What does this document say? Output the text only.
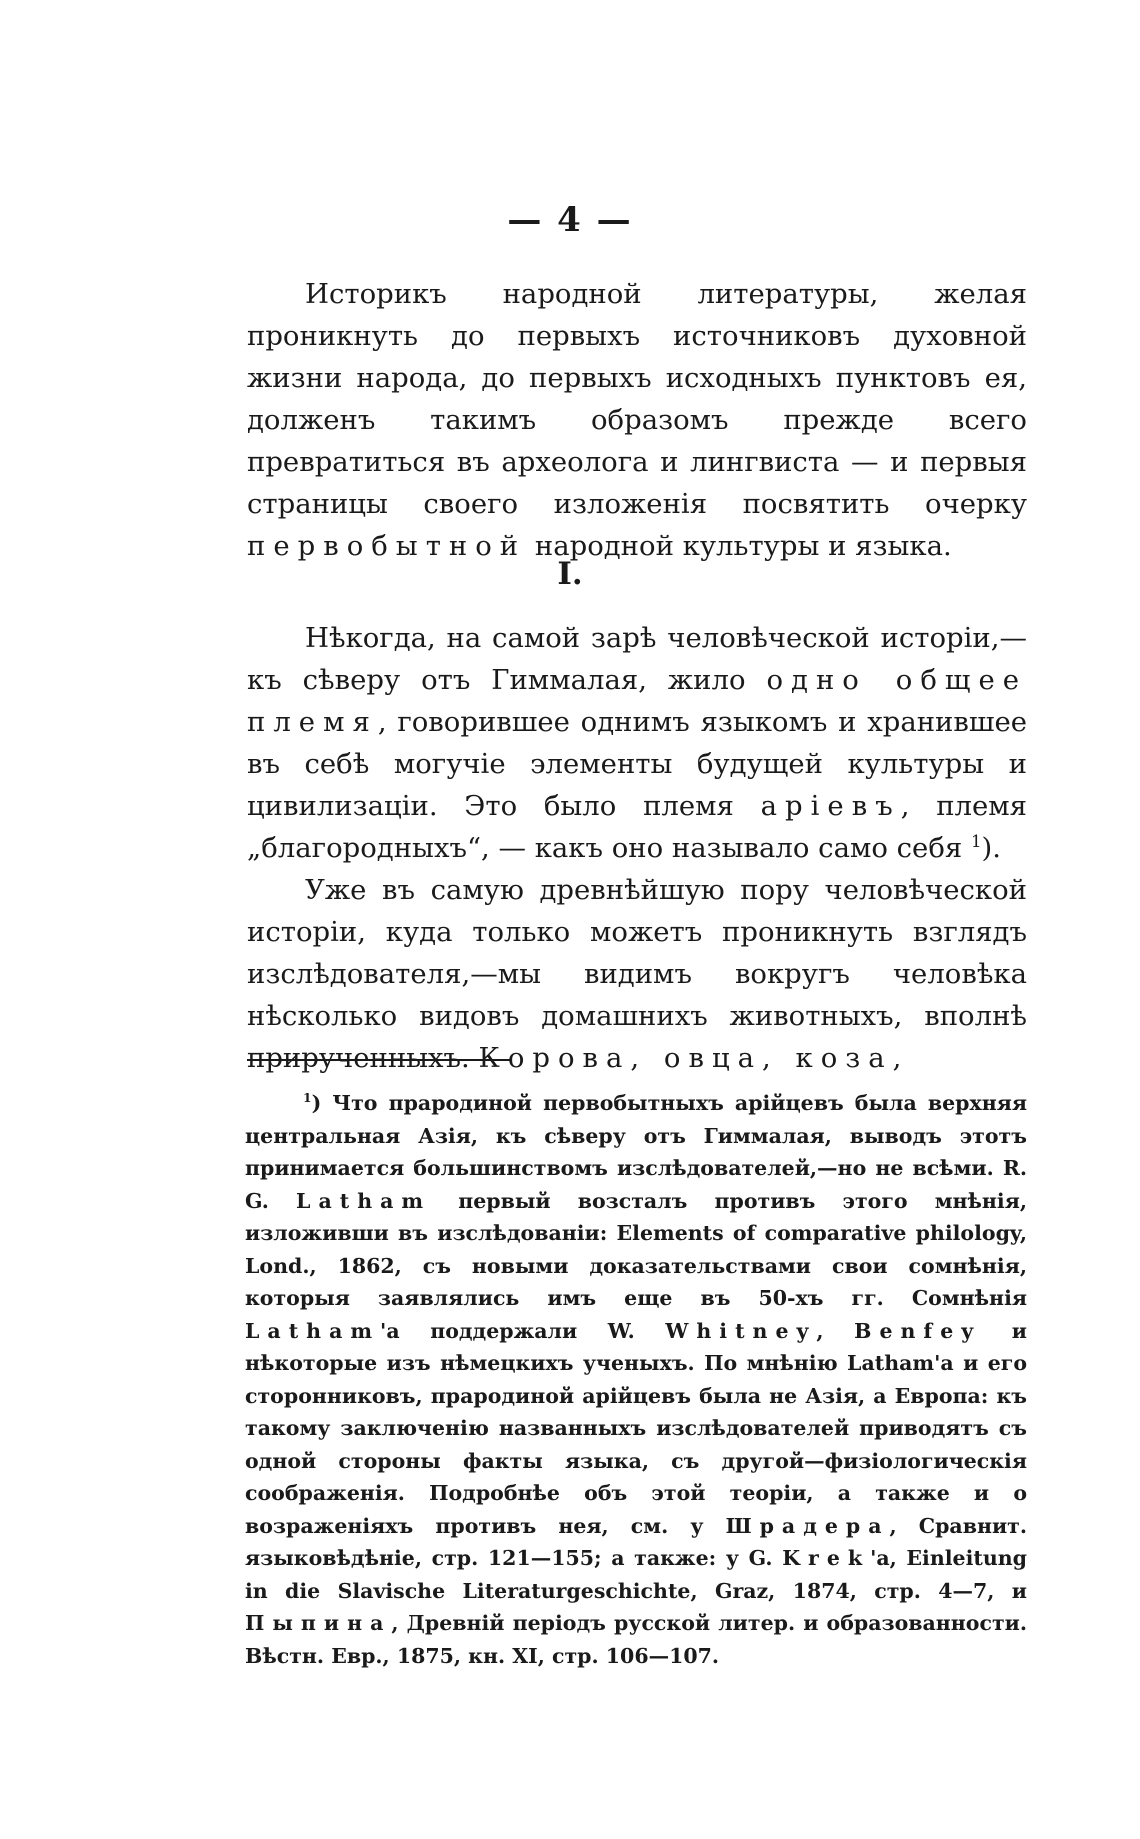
— 4 —

Историкъ народной литературы, желая проникнуть до первыхъ источниковъ духовной жизни народа, до первыхъ исходныхъ пунктовъ ея, долженъ такимъ образомъ прежде всего превратиться въ археолога и лингвиста — и первыя страницы своего изложенія посвятить очерку первобытной народной культуры и языка.

I.

Нѣкогда, на самой зарѣ человѣческой исторіи,—къ сѣверу отъ Гиммалая, жило одно общее племя, говорившее однимъ языкомъ и хранившее въ себѣ могучіе элементы будущей культуры и цивилизаціи. Это было племя аріевъ, племя „благородныхъ“, — какъ оно называло само себя $^1$).

Уже въ самую древнѣйшую пору человѣческой исторіи, куда только можетъ проникнуть взглядъ изслѣдователя,—мы видимъ вокругъ человѣка нѣсколько видовъ домашнихъ животныхъ, вполнѣ прирученныхъ. Корова, овца, коза,

$^1$) Что прародиной первобытныхъ арійцевъ была верхняя центральная Азія, къ сѣверу отъ Гиммалая, выводъ этотъ принимается большинствомъ изслѣдователей,—но не всѣми. R. G. Latham первый возсталъ противъ этого мнѣнія, изложивши въ изслѣдованіи: Elements of comparative philology, Lond., 1862, съ новыми доказательствами свои сомнѣнія, которыя заявлялись имъ еще въ 50-хъ гг. Сомнѣнія Latham'а поддержали W. Whitney, Benfey и нѣкоторые изъ нѣмецкихъ ученыхъ. По мнѣнію Latham'а и его сторонниковъ, прародиной арійцевъ была не Азія, а Европа: къ такому заключенію названныхъ изслѣдователей приводятъ съ одной стороны факты языка, съ другой—физіологическія соображенія. Подробнѣе объ этой теоріи, а также и о возраженіяхъ противъ нея, см. у Шрадера, Сравнит. языковѣдѣніе, стр. 121—155; а также: у G. Krek'a, Einleitung in die Slavische Literaturgeschichte, Graz, 1874, стр. 4—7, и Пыпина, Древній періодъ русской литер. и образованности. Вѣстн. Евр., 1875, кн. XI, стр. 106—107.
